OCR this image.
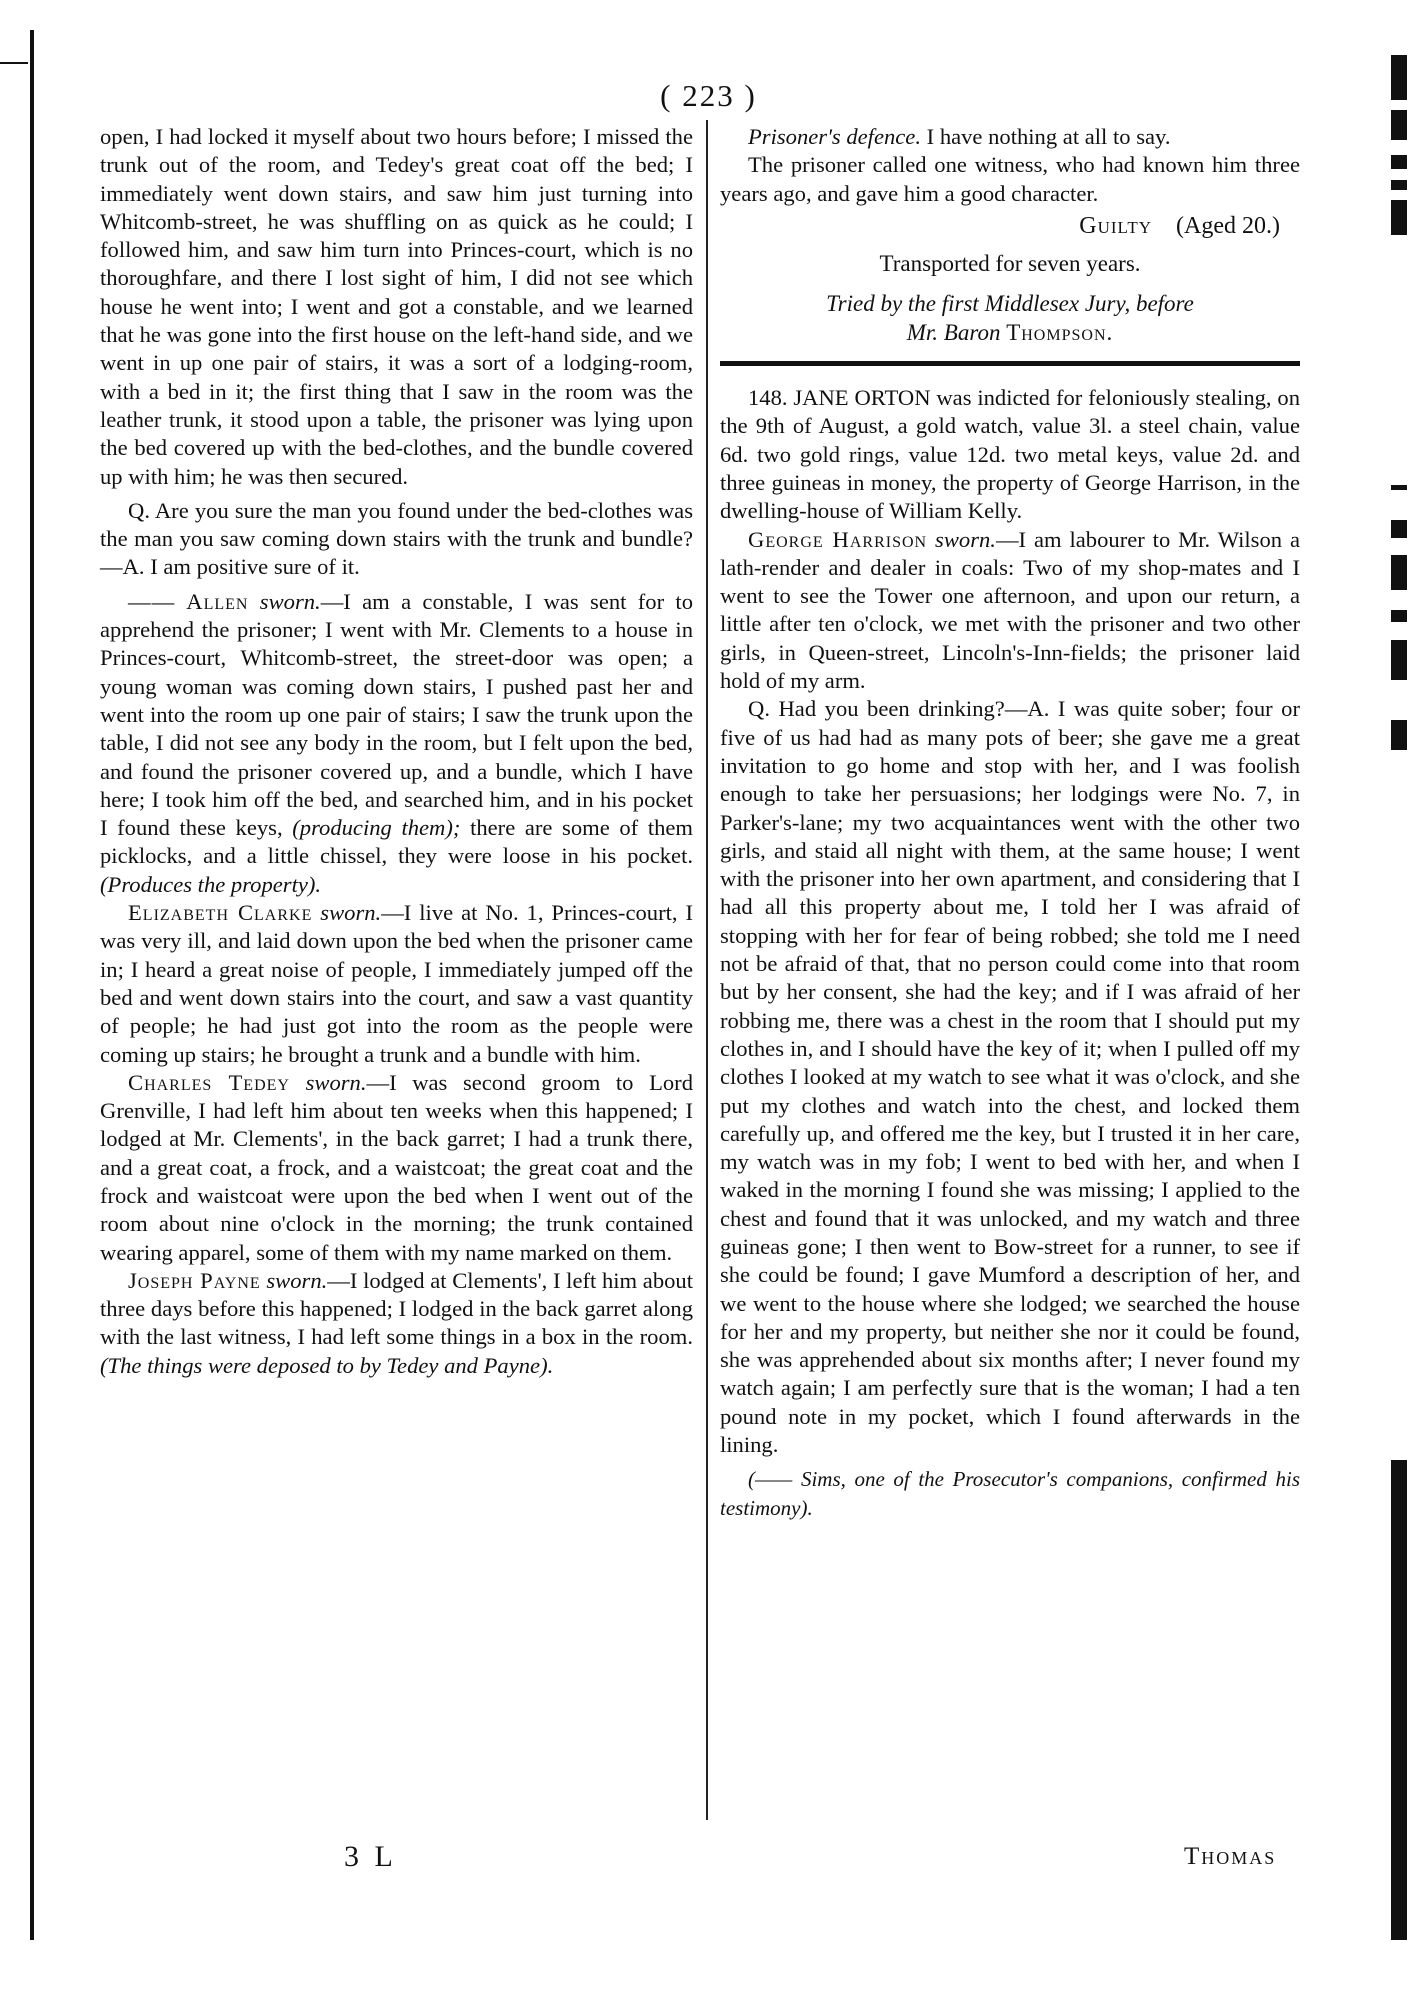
( 223 )

open, I had locked it myself about two hours before; I missed the trunk out of the room, and Tedey's great coat off the bed; I immediately went down stairs, and saw him just turning into Whitcomb-street, he was shuffling on as quick as he could; I followed him, and saw him turn into Princes-court, which is no thoroughfare, and there I lost sight of him, I did not see which house he went into; I went and got a constable, and we learned that he was gone into the first house on the left-hand side, and we went in up one pair of stairs, it was a sort of a lodging-room, with a bed in it; the first thing that I saw in the room was the leather trunk, it stood upon a table, the prisoner was lying upon the bed covered up with the bed-clothes, and the bundle covered up with him; he was then secured.

Q. Are you sure the man you found under the bed-clothes was the man you saw coming down stairs with the trunk and bundle?—A. I am positive sure of it.

—— Allen sworn.—I am a constable, I was sent for to apprehend the prisoner; I went with Mr. Clements to a house in Princes-court, Whitcomb-street, the street-door was open; a young woman was coming down stairs, I pushed past her and went into the room up one pair of stairs; I saw the trunk upon the table, I did not see any body in the room, but I felt upon the bed, and found the prisoner covered up, and a bundle, which I have here; I took him off the bed, and searched him, and in his pocket I found these keys, (producing them); there are some of them picklocks, and a little chissel, they were loose in his pocket. (Produces the property).

Elizabeth Clarke sworn.—I live at No. 1, Princes-court, I was very ill, and laid down upon the bed when the prisoner came in; I heard a great noise of people, I immediately jumped off the bed and went down stairs into the court, and saw a vast quantity of people; he had just got into the room as the people were coming up stairs; he brought a trunk and a bundle with him.

Charles Tedey sworn.—I was second groom to Lord Grenville, I had left him about ten weeks when this happened; I lodged at Mr. Clements', in the back garret; I had a trunk there, and a great coat, a frock, and a waistcoat; the great coat and the frock and waistcoat were upon the bed when I went out of the room about nine o'clock in the morning; the trunk contained wearing apparel, some of them with my name marked on them.

Joseph Payne sworn.—I lodged at Clements', I left him about three days before this happened; I lodged in the back garret along with the last witness, I had left some things in a box in the room. (The things were deposed to by Tedey and Payne).

Prisoner's defence. I have nothing at all to say.

The prisoner called one witness, who had known him three years ago, and gave him a good character.

Guilty (Aged 20.)

Transported for seven years.

Tried by the first Middlesex Jury, before

Mr. Baron Thompson.

148. JANE ORTON was indicted for feloniously stealing, on the 9th of August, a gold watch, value 3l. a steel chain, value 6d. two gold rings, value 12d. two metal keys, value 2d. and three guineas in money, the property of George Harrison, in the dwelling-house of William Kelly.

George Harrison sworn.—I am labourer to Mr. Wilson a lath-render and dealer in coals: Two of my shop-mates and I went to see the Tower one afternoon, and upon our return, a little after ten o'clock, we met with the prisoner and two other girls, in Queen-street, Lincoln's-Inn-fields; the prisoner laid hold of my arm.

Q. Had you been drinking?—A. I was quite sober; four or five of us had had as many pots of beer; she gave me a great invitation to go home and stop with her, and I was foolish enough to take her persuasions; her lodgings were No. 7, in Parker's-lane; my two acquaintances went with the other two girls, and staid all night with them, at the same house; I went with the prisoner into her own apartment, and considering that I had all this property about me, I told her I was afraid of stopping with her for fear of being robbed; she told me I need not be afraid of that, that no person could come into that room but by her consent, she had the key; and if I was afraid of her robbing me, there was a chest in the room that I should put my clothes in, and I should have the key of it; when I pulled off my clothes I looked at my watch to see what it was o'clock, and she put my clothes and watch into the chest, and locked them carefully up, and offered me the key, but I trusted it in her care, my watch was in my fob; I went to bed with her, and when I waked in the morning I found she was missing; I applied to the chest and found that it was unlocked, and my watch and three guineas gone; I then went to Bow-street for a runner, to see if she could be found; I gave Mumford a description of her, and we went to the house where she lodged; we searched the house for her and my property, but neither she nor it could be found, she was apprehended about six months after; I never found my watch again; I am perfectly sure that is the woman; I had a ten pound note in my pocket, which I found afterwards in the lining.

(—— Sims, one of the Prosecutor's companions, confirmed his testimony).

3 L	Thomas
